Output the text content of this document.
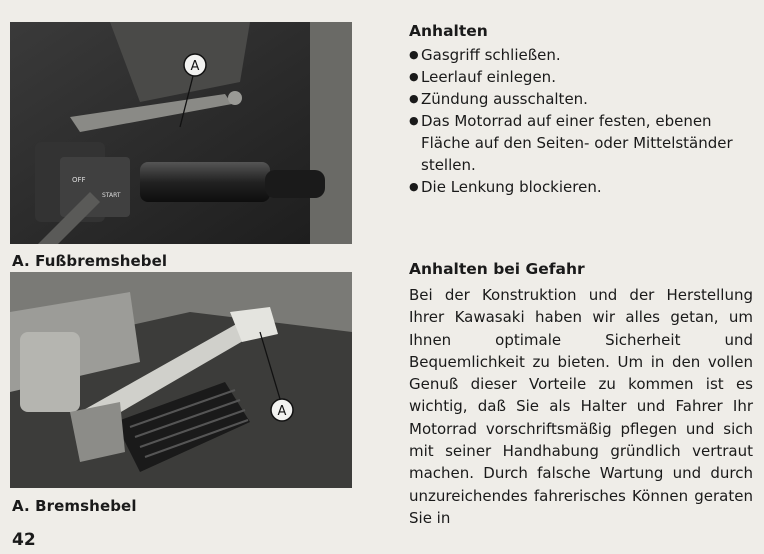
OFF
START
A
A. Fußbremshebel
A
A. Bremshebel
42
Anhalten
● Gasgriff schließen.
● Leerlauf einlegen.
● Zündung ausschalten.
● Das Motorrad auf einer festen, ebenen Fläche auf den Seiten- oder Mittelständer stellen.
● Die Lenkung blockieren.
Anhalten bei Gefahr

Bei der Konstruktion und der Herstellung Ihrer Kawasaki haben wir alles getan, um Ihnen optimale Sicherheit und Bequemlichkeit zu bieten. Um in den vollen Genuß dieser Vorteile zu kommen ist es wichtig, daß Sie als Halter und Fahrer Ihr Motorrad vorschriftsmäßig pflegen und sich mit seiner Handhabung gründlich vertraut machen. Durch falsche Wartung und durch unzureichendes fahrerisches Können geraten Sie in
